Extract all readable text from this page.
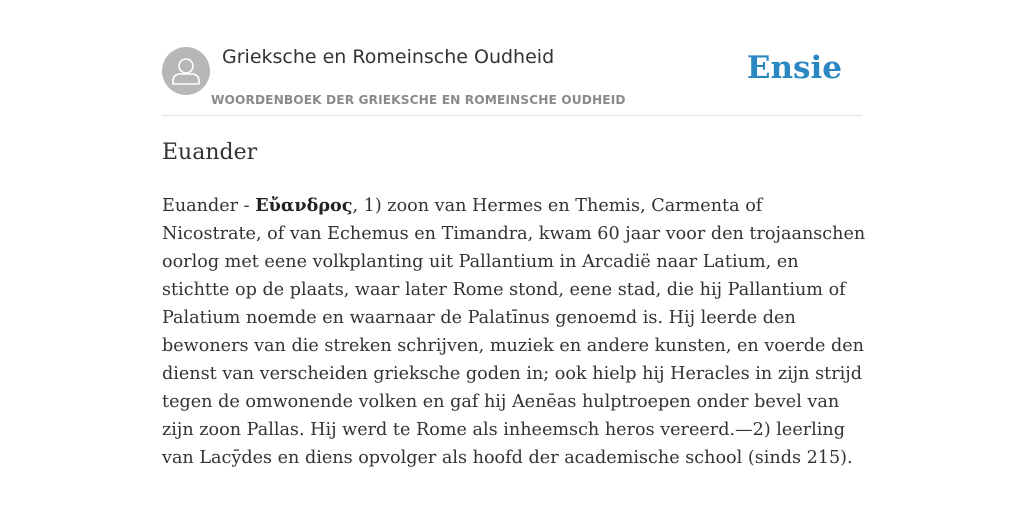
Grieksche en Romeinsche Oudheid
WOORDENBOEK DER GRIEKSCHE EN ROMEINSCHE OUDHEID
Ensie
Euander

Euander - Εὔανδρος, 1) zoon van Hermes en Themis, Carmenta of Nicostrate, of van Echemus en Timandra, kwam 60 jaar voor den trojaanschen oorlog met eene volkplanting uit Pallantium in Arcadië naar Latium, en stichtte op de plaats, waar later Rome stond, eene stad, die hij Pallantium of Palatium noemde en waarnaar de Palatīnus genoemd is. Hij leerde den bewoners van die streken schrijven, muziek en andere kunsten, en voerde den dienst van verscheiden grieksche goden in; ook hielp hij Heracles in zijn strijd tegen de omwonende volken en gaf hij Aenēas hulptroepen onder bevel van zijn zoon Pallas. Hij werd te Rome als inheemsch heros vereerd.—2) leerling van Lacȳdes en diens opvolger als hoofd der academische school (sinds 215).
